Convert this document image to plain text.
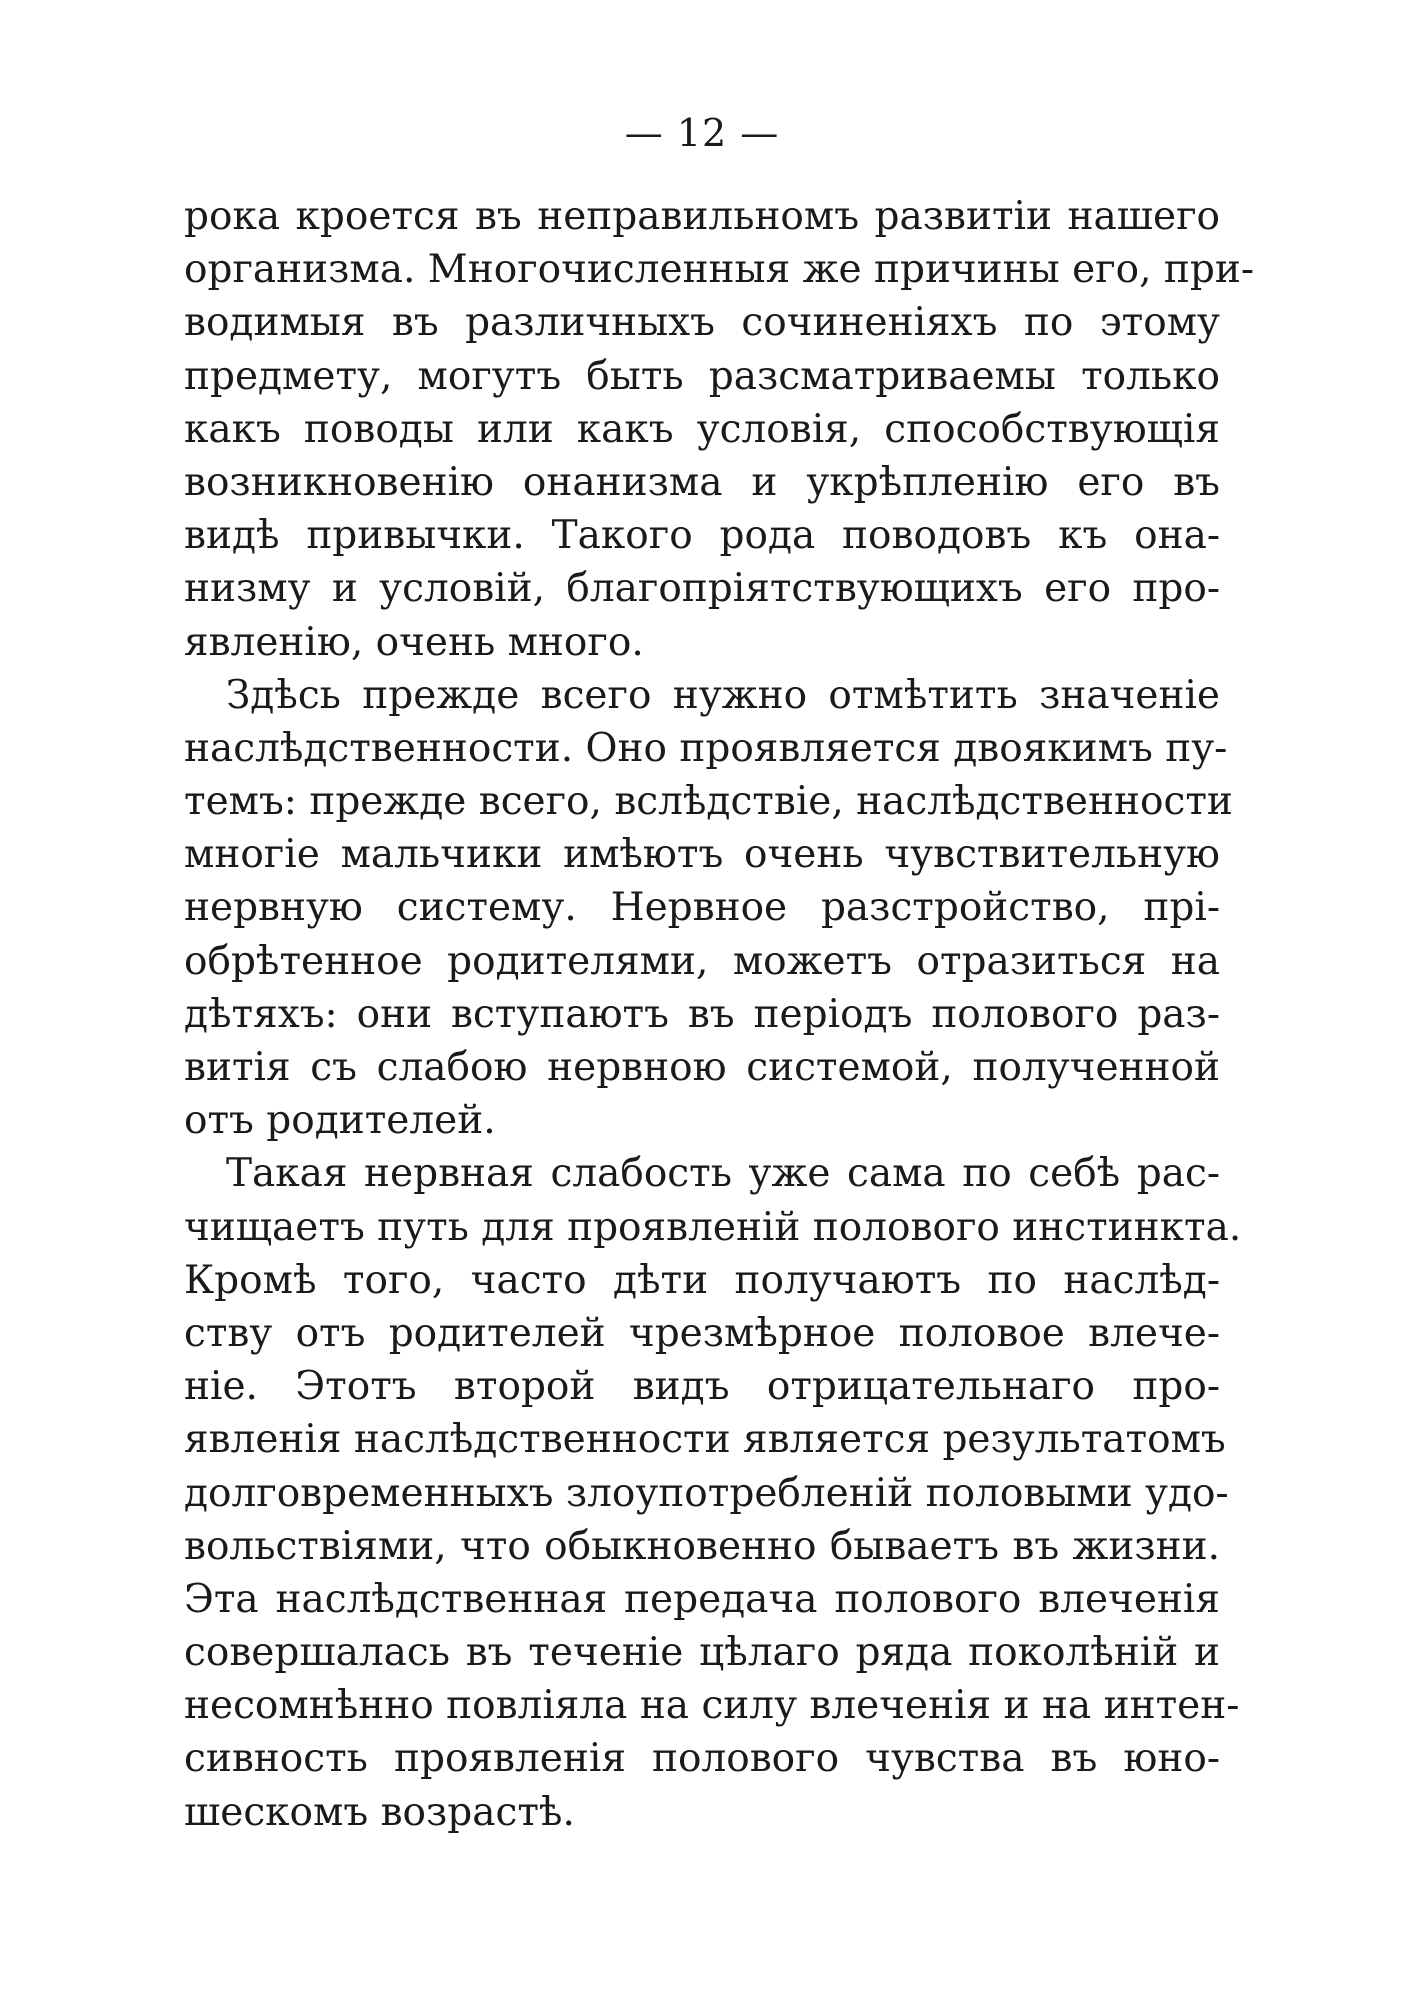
— 12 —
рока кроется въ неправильномъ развитіи нашего
организма. Многочисленныя же причины его, при-
водимыя въ различныхъ сочиненіяхъ по этому
предмету, могутъ быть разсматриваемы только
какъ поводы или какъ условія, способствующія
возникновенію онанизма и укрѣпленію его въ
видѣ привычки. Такого рода поводовъ къ она-
низму и условій, благопріятствующихъ его про-
явленію, очень много.
Здѣсь прежде всего нужно отмѣтить значеніе
наслѣдственности. Оно проявляется двоякимъ пу-
темъ: прежде всего, вслѣдствіе, наслѣдственности
многіе мальчики имѣютъ очень чувствительную
нервную систему. Нервное разстройство, прі-
обрѣтенное родителями, можетъ отразиться на
дѣтяхъ: они вступаютъ въ періодъ полового раз-
витія съ слабою нервною системой, полученной
отъ родителей.
Такая нервная слабость уже сама по себѣ рас-
чищаетъ путь для проявленій полового инстинкта.
Кромѣ того, часто дѣти получаютъ по наслѣд-
ству отъ родителей чрезмѣрное половое влече-
ніе. Этотъ второй видъ отрицательнаго про-
явленія наслѣдственности является результатомъ
долговременныхъ злоупотребленій половыми удо-
вольствіями, что обыкновенно бываетъ въ жизни.
Эта наслѣдственная передача полового влеченія
совершалась въ теченіе цѣлаго ряда поколѣній и
несомнѣнно повліяла на силу влеченія и на интен-
сивность проявленія полового чувства въ юно-
шескомъ возрастѣ.
